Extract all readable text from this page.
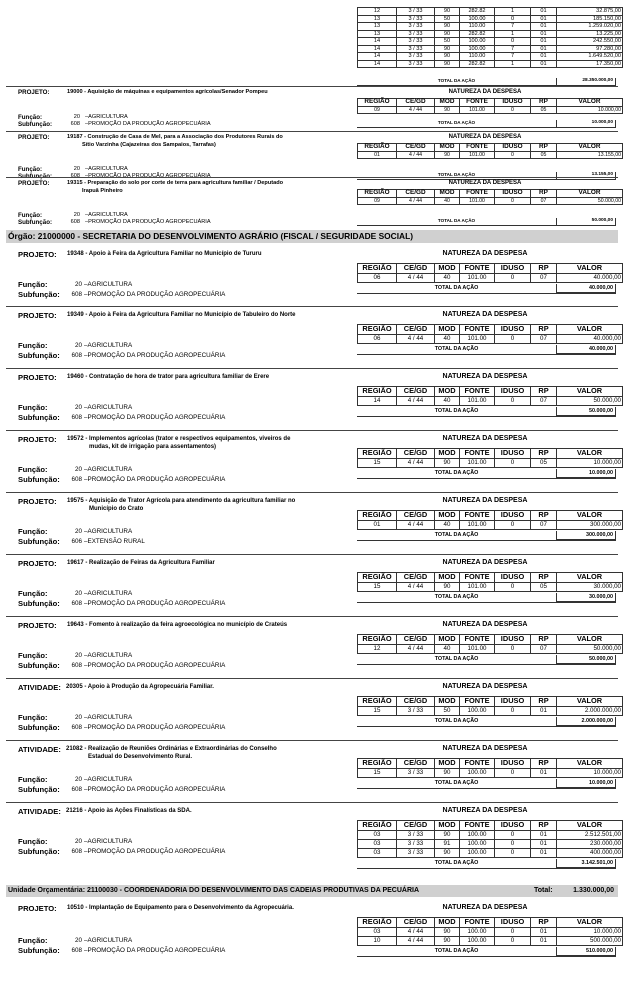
12	3 / 33	90	282.82	1	01	32.875,00
13	3 / 33	50	100.00	0	01	185.150,00
13	3 / 33	90	110.00	7	01	1.259.020,00
13	3 / 33	90	282.82	1	01	13.225,00
14	3 / 33	50	100.00	0	01	242.550,00
14	3 / 33	90	100.00	7	01	97.280,00
14	3 / 33	90	110.00	7	01	1.649.520,00
14	3 / 33	90	282.82	1	01	17.350,00
TOTAL DA AÇÃO	28.350.000,00
PROJETO:	19000 - Aquisição de máquinas e equipamentos agrícolas/Senador Pompeu	NATUREZA DA DESPESA
Função:	20 –AGRICULTURA
Subfunção:	608 –PROMOÇÃO DA PRODUÇÃO AGROPECUÁRIA
REGIÃO	CE/GD	MOD	FONTE	IDUSO	RP	VALOR
09	4 / 44	90	101.00	0	05	10.000,00
TOTAL DA AÇÃO	10.000,00
PROJETO:	19187 - Construção de Casa de Mel, para a Associação dos Produtores Rurais do
Sítio Varzinha (Cajazeiras dos Sampaios, Tarrafas)
NATUREZA DA DESPESA
Função:	20 –AGRICULTURA
Subfunção:	608 –PROMOÇÃO DA PRODUÇÃO AGROPECUÁRIA
REGIÃO	CE/GD	MOD	FONTE	IDUSO	RP	VALOR
01	4 / 44	90	101.00	0	05	13.155,00
TOTAL DA AÇÃO	13.155,00
PROJETO:	19315 - Preparação do solo por corte de terra para agricultura familiar / Deputado
Irapuã Pinheiro
NATUREZA DA DESPESA
Função:	20 –AGRICULTURA
Subfunção:	608 –PROMOÇÃO DA PRODUÇÃO AGROPECUÁRIA
REGIÃO	CE/GD	MOD	FONTE	IDUSO	RP	VALOR
09	4 / 44	40	101.00	0	07	50.000,00
TOTAL DA AÇÃO	50.000,00
Órgão: 21000000 - SECRETARIA DO DESENVOLVIMENTO AGRÁRIO (FISCAL / SEGURIDADE SOCIAL)
PROJETO: 19348 - Apoio à Feira da Agricultura Familiar no Município de Tururu	NATUREZA DA DESPESA
Função:	20 –AGRICULTURA
Subfunção:	608 –PROMOÇÃO DA PRODUÇÃO AGROPECUÁRIA
REGIÃO	CE/GD	MOD	FONTE	IDUSO	RP	VALOR
06	4 / 44	40	101.00	0	07	40.000,00
TOTAL DA AÇÃO	40.000,00
PROJETO: 19349 - Apoio à Feira da Agricultura Familiar no Município de Tabuleiro do Norte	NATUREZA DA DESPESA
Função:	20 –AGRICULTURA
Subfunção:	608 –PROMOÇÃO DA PRODUÇÃO AGROPECUÁRIA
REGIÃO	CE/GD	MOD	FONTE	IDUSO	RP	VALOR
06	4 / 44	40	101.00	0	07	40.000,00
TOTAL DA AÇÃO	40.000,00
PROJETO: 19460 - Contratação de hora de trator para agricultura familiar de Erere	NATUREZA DA DESPESA
Função:	20 –AGRICULTURA
Subfunção:	608 –PROMOÇÃO DA PRODUÇÃO AGROPECUÁRIA
REGIÃO	CE/GD	MOD	FONTE	IDUSO	RP	VALOR
14	4 / 44	40	101.00	0	07	50.000,00
TOTAL DA AÇÃO	50.000,00
PROJETO: 19572 - Implementos agrícolas (trator e respectivos equipamentos, viveiros de
mudas, kit de irrigação para assentamentos)
NATUREZA DA DESPESA
Função:	20 –AGRICULTURA
Subfunção:	608 –PROMOÇÃO DA PRODUÇÃO AGROPECUÁRIA
REGIÃO	CE/GD	MOD	FONTE	IDUSO	RP	VALOR
15	4 / 44	90	101.00	0	05	10.000,00
TOTAL DA AÇÃO	10.000,00
PROJETO: 19575 - Aquisição de Trator Agrícola para atendimento da agricultura familiar no
Município do Crato
NATUREZA DA DESPESA
Função:	20 –AGRICULTURA
Subfunção:	606 –EXTENSÃO RURAL
REGIÃO	CE/GD	MOD	FONTE	IDUSO	RP	VALOR
01	4 / 44	40	101.00	0	07	300.000,00
TOTAL DA AÇÃO	300.000,00
PROJETO: 19617 - Realização de Feiras da Agricultura Familiar	NATUREZA DA DESPESA
Função:	20 –AGRICULTURA
Subfunção:	608 –PROMOÇÃO DA PRODUÇÃO AGROPECUÁRIA
REGIÃO	CE/GD	MOD	FONTE	IDUSO	RP	VALOR
15	4 / 44	90	101.00	0	05	30.000,00
TOTAL DA AÇÃO	30.000,00
PROJETO: 19643 - Fomento à realização da feira agroecológica no município de Crateús	NATUREZA DA DESPESA
Função:	20 –AGRICULTURA
Subfunção:	608 –PROMOÇÃO DA PRODUÇÃO AGROPECUÁRIA
REGIÃO	CE/GD	MOD	FONTE	IDUSO	RP	VALOR
12	4 / 44	40	101.00	0	07	50.000,00
TOTAL DA AÇÃO	50.000,00
ATIVIDADE: 20305 - Apoio à Produção da Agropecuária Familiar.	NATUREZA DA DESPESA
Função:	20 –AGRICULTURA
Subfunção:	608 –PROMOÇÃO DA PRODUÇÃO AGROPECUÁRIA
REGIÃO	CE/GD	MOD	FONTE	IDUSO	RP	VALOR
15	3 / 33	50	100.00	0	01	2.000.000,00
TOTAL DA AÇÃO	2.000.000,00
ATIVIDADE: 21082 - Realização de Reuniões Ordinárias e Extraordinárias do Conselho
Estadual do Desenvolvimento Rural.
NATUREZA DA DESPESA
Função:	20 –AGRICULTURA
Subfunção:	608 –PROMOÇÃO DA PRODUÇÃO AGROPECUÁRIA
REGIÃO	CE/GD	MOD	FONTE	IDUSO	RP	VALOR
15	3 / 33	90	100.00	0	01	10.000,00
TOTAL DA AÇÃO	10.000,00
ATIVIDADE: 21216 - Apoio às Ações Finalísticas da SDA.	NATUREZA DA DESPESA
Função:	20 –AGRICULTURA
Subfunção:	608 –PROMOÇÃO DA PRODUÇÃO AGROPECUÁRIA
REGIÃO	CE/GD	MOD	FONTE	IDUSO	RP	VALOR
03	3 / 33	90	100.00	0	01	2.512.501,00
03	3 / 33	91	100.00	0	01	230.000,00
03	3 / 33	90	100.00	0	01	400.000,00
TOTAL DA AÇÃO	3.142.501,00
Unidade Orçamentária: 21100030 - COORDENADORIA DO DESENVOLVIMENTO DAS CADEIAS PRODUTIVAS DA PECUÁRIA	Total:	1.330.000,00
PROJETO: 10510 - Implantação de Equipamento para o Desenvolvimento da Agropecuária.	NATUREZA DA DESPESA
Função:	20 –AGRICULTURA
Subfunção:	608 –PROMOÇÃO DA PRODUÇÃO AGROPECUÁRIA
REGIÃO	CE/GD	MOD	FONTE	IDUSO	RP	VALOR
03	4 / 44	90	100.00	0	01	10.000,00
10	4 / 44	90	100.00	0	01	500.000,00
TOTAL DA AÇÃO	510.000,00
